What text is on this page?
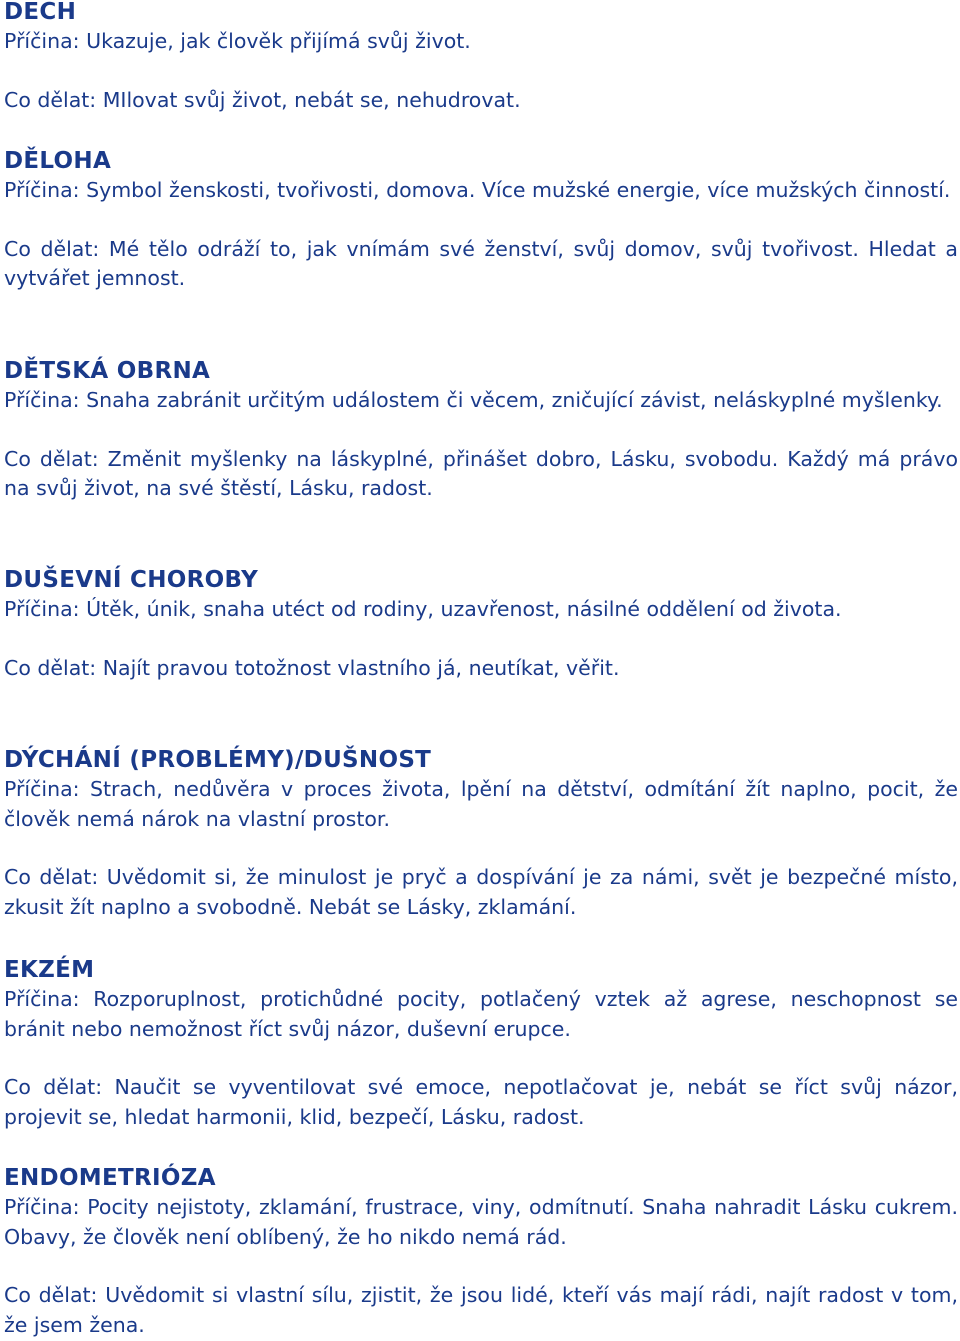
DECH

Příčina: Ukazuje, jak člověk přijímá svůj život.

Co dělat: MIlovat svůj život, nebát se, nehudrovat.

DĚLOHA

Příčina: Symbol ženskosti, tvořivosti, domova. Více mužské energie, více mužských činností.

Co dělat: Mé tělo odráží to, jak vnímám své ženství, svůj domov, svůj tvořivost. Hledat a vytvářet jemnost.

DĚTSKÁ OBRNA

Příčina: Snaha zabránit určitým událostem či věcem, zničující závist, neláskyplné myšlenky.

Co dělat: Změnit myšlenky na láskyplné, přinášet dobro, Lásku, svobodu. Každý má právo na svůj život, na své štěstí, Lásku, radost.

DUŠEVNÍ CHOROBY

Příčina: Útěk, únik, snaha utéct od rodiny, uzavřenost, násilné oddělení od života.

Co dělat: Najít pravou totožnost vlastního já, neutíkat, věřit.

DÝCHÁNÍ (PROBLÉMY)/DUŠNOST

Příčina: Strach, nedůvěra v proces života, lpění na dětství, odmítání žít naplno, pocit, že člověk nemá nárok na vlastní prostor.

Co dělat: Uvědomit si, že minulost je pryč a dospívání je za námi, svět je bezpečné místo, zkusit žít naplno a svobodně. Nebát se Lásky, zklamání.

EKZÉM

Příčina: Rozporuplnost, protichůdné pocity, potlačený vztek až agrese, neschopnost se bránit nebo nemožnost říct svůj názor, duševní erupce.

Co dělat: Naučit se vyventilovat své emoce, nepotlačovat je, nebát se říct svůj názor, projevit se, hledat harmonii, klid, bezpečí, Lásku, radost.

ENDOMETRIÓZA

Příčina: Pocity nejistoty, zklamání, frustrace, viny, odmítnutí. Snaha nahradit Lásku cukrem. Obavy, že člověk není oblíbený, že ho nikdo nemá rád.

Co dělat: Uvědomit si vlastní sílu, zjistit, že jsou lidé, kteří vás mají rádi, najít radost v tom, že jsem žena.
